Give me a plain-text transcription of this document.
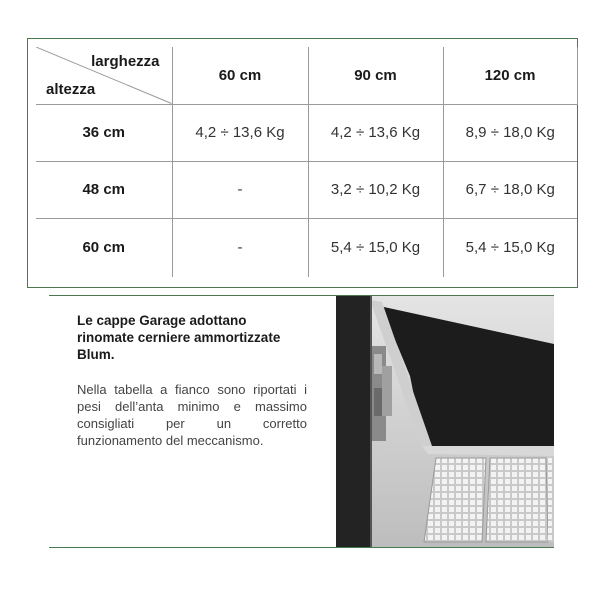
larghezza
altezza	60 cm	90 cm	120 cm
36 cm	4,2 ÷ 13,6 Kg	4,2 ÷ 13,6 Kg	8,9 ÷ 18,0 Kg
48 cm	-	3,2 ÷ 10,2 Kg	6,7 ÷ 18,0 Kg
60 cm	-	5,4 ÷ 15,0 Kg	5,4 ÷ 15,0 Kg
Le cappe Garage adottano rinomate cerniere ammortizzate Blum.
Nella tabella a fianco sono riportati i pesi dell’anta minimo e massimo consigliati per un corretto funzionamento del meccanismo.
